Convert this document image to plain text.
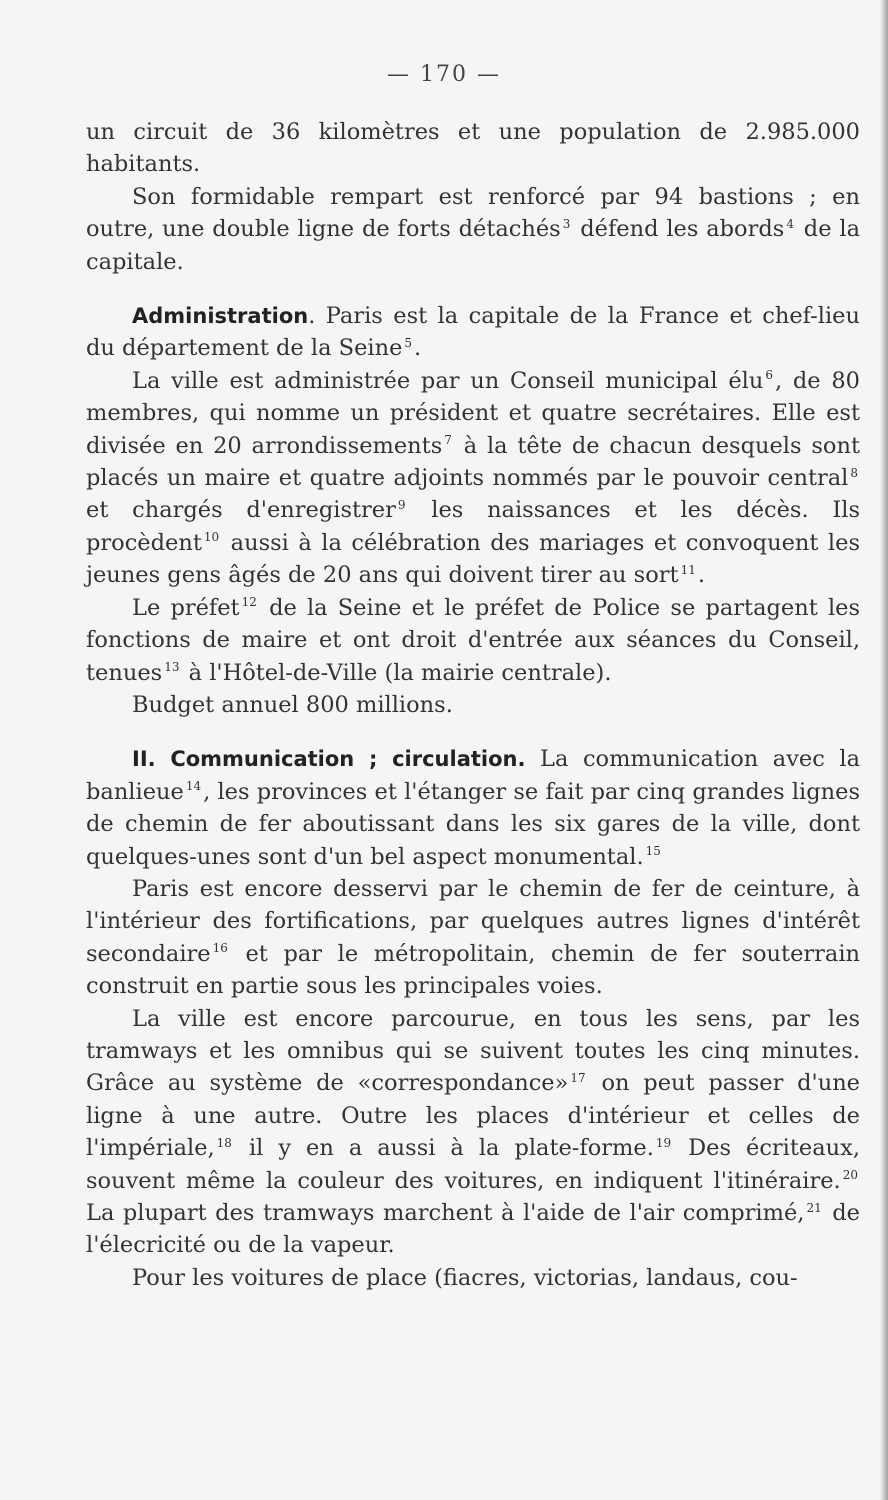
— 170 —

un circuit de 36 kilomètres et une population de 2.985.000 habitants.

Son formidable rempart est renforcé par 94 bastions ; en outre, une double ligne de forts détachés $^3$ défend les abords $^4$ de la capitale.

Administration. Paris est la capitale de la France et chef-lieu du département de la Seine $^5$.

La ville est administrée par un Conseil municipal élu $^6$, de 80 membres, qui nomme un président et quatre secrétaires. Elle est divisée en 20 arrondissements $^7$ à la tête de chacun desquels sont placés un maire et quatre adjoints nommés par le pouvoir central $^8$ et chargés d'enregistrer $^9$ les naissances et les décès. Ils procèdent $^{10}$ aussi à la célébration des mariages et convoquent les jeunes gens âgés de 20 ans qui doivent tirer au sort $^{11}$.

Le préfet $^{12}$ de la Seine et le préfet de Police se partagent les fonctions de maire et ont droit d'entrée aux séances du Conseil, tenues $^{13}$ à l'Hôtel-de-Ville (la mairie centrale).

Budget annuel 800 millions.

II. Communication ; circulation. La communication avec la banlieue $^{14}$, les provinces et l'étanger se fait par cinq grandes lignes de chemin de fer aboutissant dans les six gares de la ville, dont quelques-unes sont d'un bel aspect monumental. $^{15}$

Paris est encore desservi par le chemin de fer de ceinture, à l'intérieur des fortifications, par quelques autres lignes d'intérêt secondaire $^{16}$ et par le métropolitain, chemin de fer souterrain construit en partie sous les principales voies.

La ville est encore parcourue, en tous les sens, par les tramways et les omnibus qui se suivent toutes les cinq minutes. Grâce au système de «correspondance» $^{17}$ on peut passer d'une ligne à une autre. Outre les places d'intérieur et celles de l'impériale, $^{18}$ il y en a aussi à la plate-forme. $^{19}$ Des écriteaux, souvent même la couleur des voitures, en indiquent l'itinéraire. $^{20}$ La plupart des tramways marchent à l'aide de l'air comprimé, $^{21}$ de l'élecricité ou de la vapeur.

Pour les voitures de place (fiacres, victorias, landaus, cou-
